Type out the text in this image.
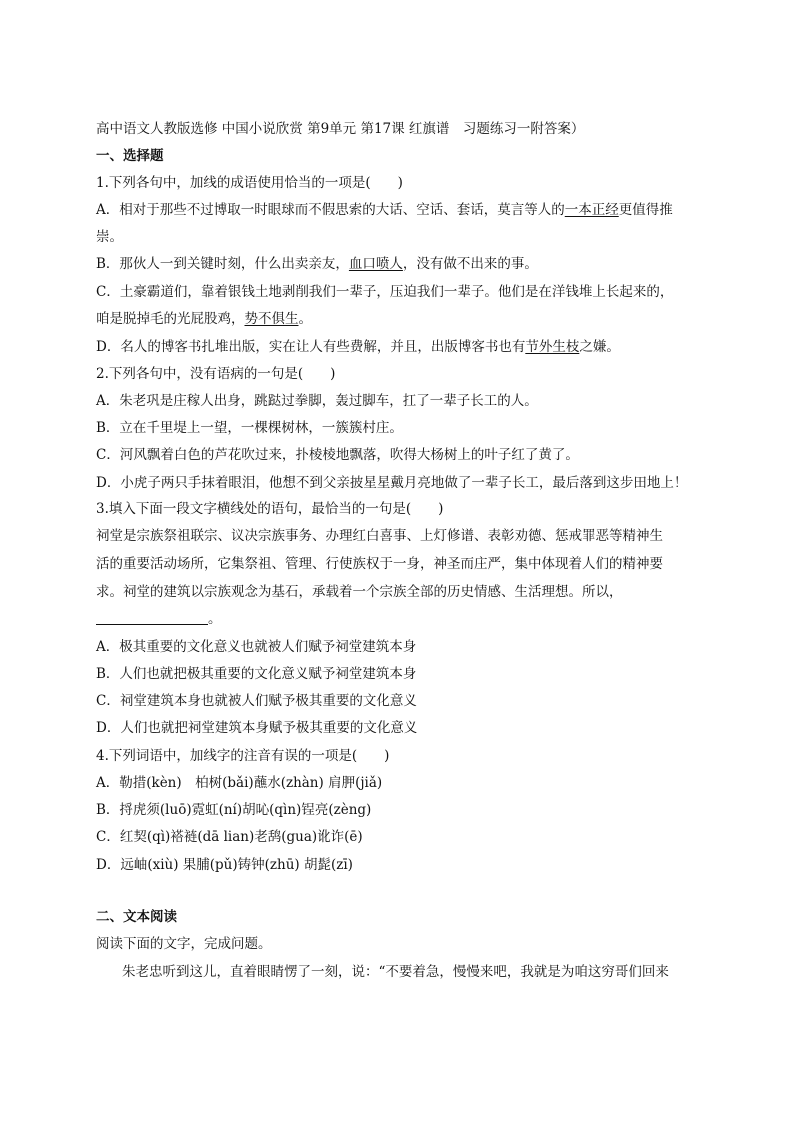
高中语文人教版选修 中国小说欣赏 第9单元 第17课 红旗谱　习题练习一附答案）
一、选择题
1.下列各句中，加线的成语使用恰当的一项是(　　)
A．相对于那些不过博取一时眼球而不假思索的大话、空话、套话，莫言等人的一本正经更值得推
崇。
B．那伙人一到关键时刻，什么出卖亲友，血口喷人，没有做不出来的事。
C．土豪霸道们，靠着银钱土地剥削我们一辈子，压迫我们一辈子。他们是在洋钱堆上长起来的，
咱是脱掉毛的光屁股鸡，势不俱生。
D．名人的博客书扎堆出版，实在让人有些费解，并且，出版博客书也有节外生枝之嫌。
2.下列各句中，没有语病的一句是(　　)
A．朱老巩是庄稼人出身，跳跶过拳脚，轰过脚车，扛了一辈子长工的人。
B．立在千里堤上一望，一棵棵树林，一簇簇村庄。
C．河风飘着白色的芦花吹过来，扑棱棱地飘落，吹得大杨树上的叶子红了黄了。
D．小虎子两只手抹着眼泪，他想不到父亲披星星戴月亮地做了一辈子长工，最后落到这步田地上！
3.填入下面一段文字横线处的语句，最恰当的一句是(　　)
祠堂是宗族祭祖联宗、议决宗族事务、办理红白喜事、上灯修谱、表彰劝德、惩戒罪恶等精神生
活的重要活动场所，它集祭祖、管理、行使族权于一身，神圣而庄严，集中体现着人们的精神要
求。祠堂的建筑以宗族观念为基石，承载着一个宗族全部的历史情感、生活理想。所以，
。
A．极其重要的文化意义也就被人们赋予祠堂建筑本身
B．人们也就把极其重要的文化意义赋予祠堂建筑本身
C．祠堂建筑本身也就被人们赋予极其重要的文化意义
D．人们也就把祠堂建筑本身赋予极其重要的文化意义
4.下列词语中，加线字的注音有误的一项是(　　)
A．勒措(kèn)　柏树(bǎi)蘸水(zhàn) 肩胛(jiǎ)
B．捋虎须(luō)霓虹(ní)胡吣(qìn)锃亮(zèng)
C．红契(qì)褡裢(dā lian)老鸹(gua)讹诈(ē)
D．远岫(xiù) 果脯(pǔ)铸钟(zhū) 胡髭(zī)
二、文本阅读
阅读下面的文字，完成问题。
朱老忠听到这儿，直着眼睛愣了一刻，说：“不要着急，慢慢来吧，我就是为咱这穷哥们回来
